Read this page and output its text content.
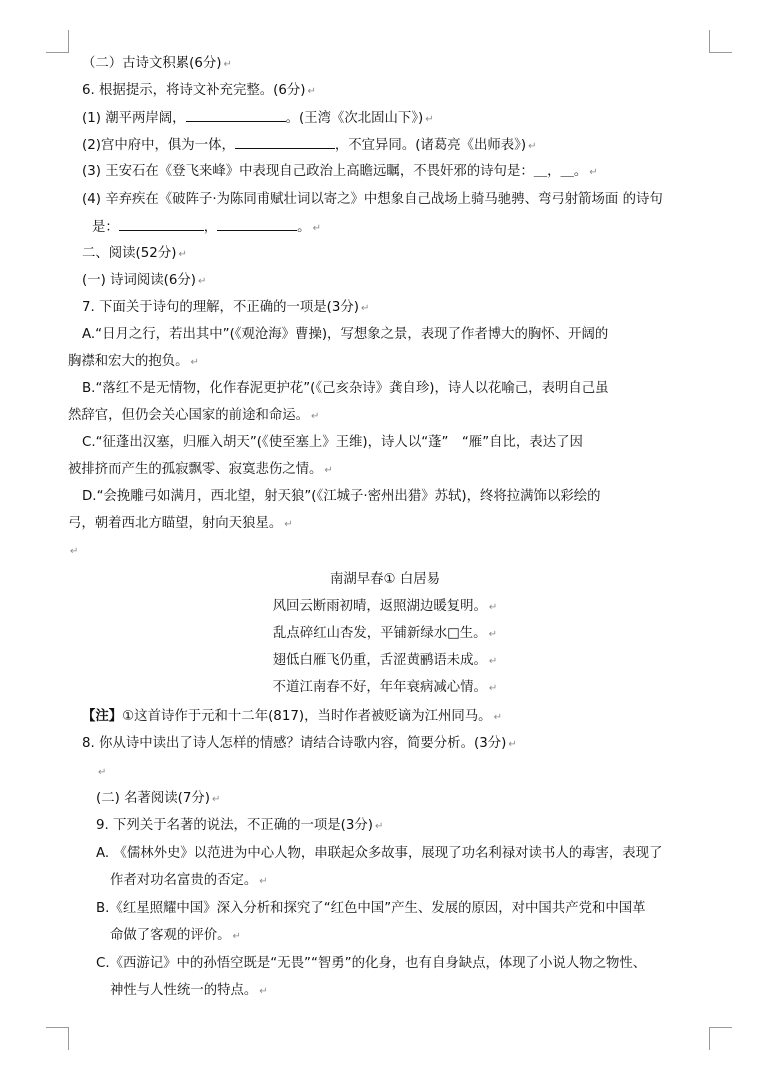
（二）古诗文积累(6分) ↵
6. 根据提示，将诗文补充完整。(6分) ↵
(1) 潮平两岸阔，	。(王湾《次北固山下》) ↵
(2)宫中府中，俱为一体，	，不宜异同。(诸葛亮《出师表》) ↵
(3) 王安石在《登飞来峰》中表现自己政治上高瞻远瞩，不畏奸邪的诗句是：＿，＿。 ↵
(4) 辛弃疾在《破阵子·为陈同甫赋壮词以寄之》中想象自己战场上骑马驰骋、弯弓射箭场面 的诗句
是：	，	。 ↵
二、阅读(52分) ↵
(一) 诗词阅读(6分) ↵
7. 下面关于诗句的理解，不正确的一项是(3分) ↵
A.“日月之行，若出其中”(《观沧海》曹操)，写想象之景，表现了作者博大的胸怀、开阔的
胸襟和宏大的抱负。 ↵
B.“落红不是无情物，化作春泥更护花”(《己亥杂诗》龚自珍)，诗人以花喻己，表明自己虽
然辞官，但仍会关心国家的前途和命运。 ↵
C.“征蓬出汉塞，归雁入胡天”(《使至塞上》王维)，诗人以“蓬”　“雁”自比，表达了因
被排挤而产生的孤寂飘零、寂寞悲伤之情。 ↵
D.“会挽雕弓如满月，西北望，射天狼”(《江城子·密州出猎》苏轼)，终将拉满饰以彩绘的
弓，朝着西北方瞄望，射向天狼星。 ↵
↵
南湖早春① 白居易
风回云断雨初晴，返照湖边暖复明。 ↵
乱点碎红山杏发，平铺新绿水□生。 ↵
翅低白雁飞仍重，舌涩黄鹂语未成。 ↵
不道江南春不好，年年衰病减心情。 ↵
【注】①这首诗作于元和十二年(817)，当时作者被贬谪为江州同马。 ↵
8. 你从诗中读出了诗人怎样的情感？请结合诗歌内容，简要分析。(3分) ↵
↵
(二) 名著阅读(7分) ↵
9. 下列关于名著的说法，不正确的一项是(3分) ↵
A. 《儒林外史》以范进为中心人物，串联起众多故事，展现了功名利禄对读书人的毒害，表现了
作者对功名富贵的否定。 ↵
B.《红星照耀中国》深入分析和探究了“红色中国”产生、发展的原因，对中国共产党和中国革
命做了客观的评价。 ↵
C.《西游记》中的孙悟空既是“无畏”“智勇”的化身，也有自身缺点，体现了小说人物之物性、
神性与人性统一的特点。 ↵
